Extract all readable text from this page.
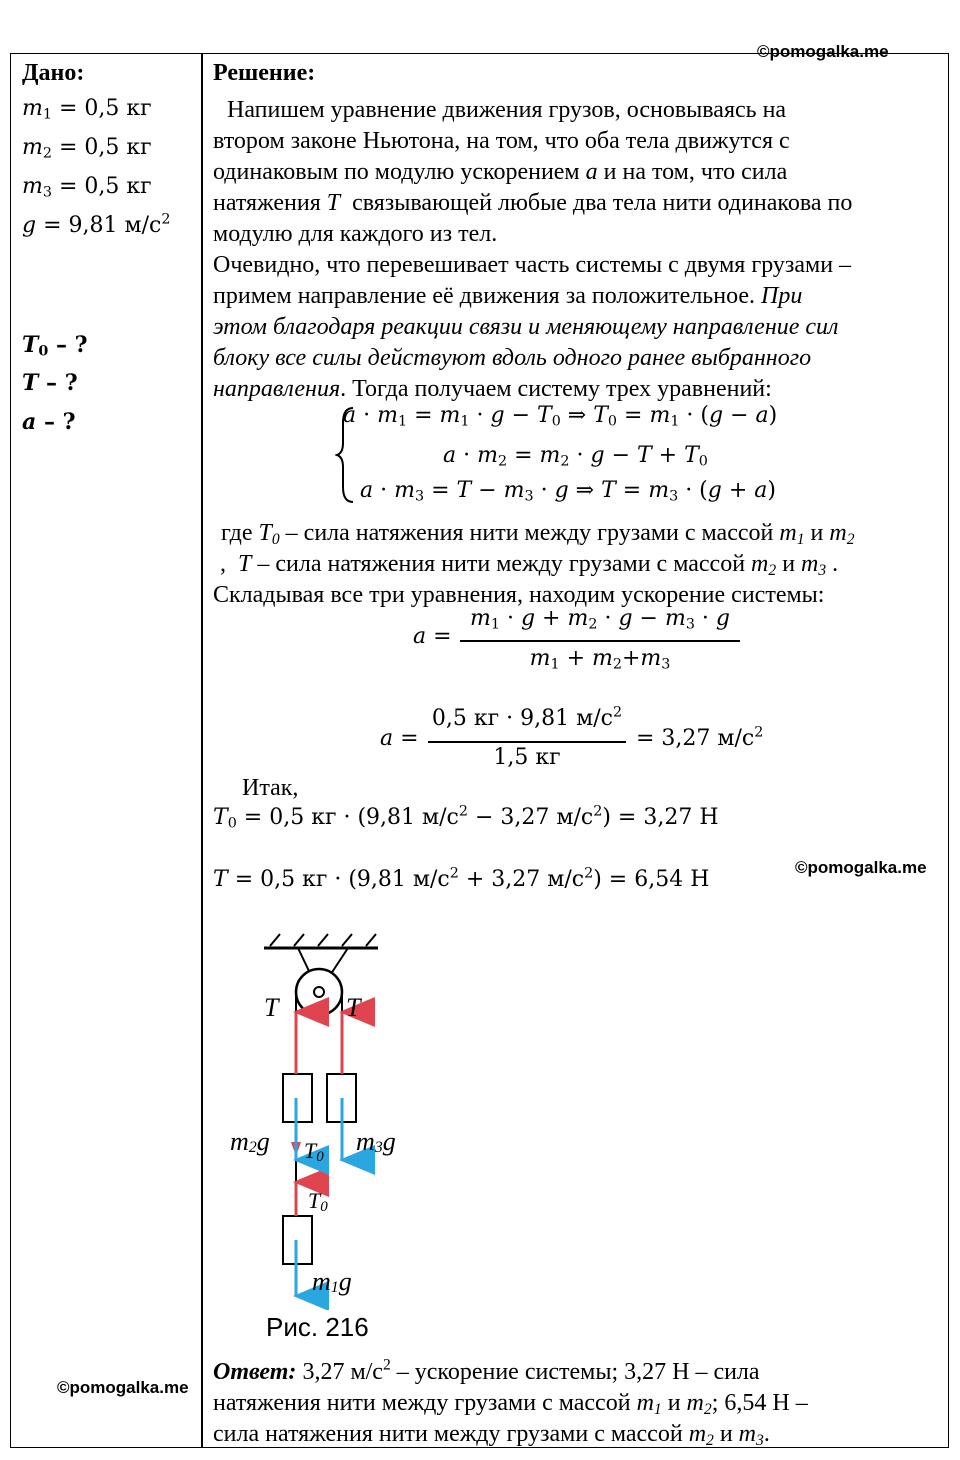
©pomogalka.me
©pomogalka.me
©pomogalka.me
Дано:
$m_1 = 0,5$ кг
$m_2 = 0,5$ кг
$m_3 = 0,5$ кг
g = 9,81 $м/с^2$
$T_0$ – ?
T – ?
a – ?
Решение:
Напишем уравнение движения грузов, основываясь на
втором законе Ньютона, на том, что оба тела движутся с
одинаковым по модулю ускорением a и на том, что сила
натяжения T связывающей любые два тела нити одинакова по
модулю для каждого из тел.
Очевидно, что перевешивает часть системы с двумя грузами –
примем направление её движения за положительное. При
этом благодаря реакции связи и меняющему направление сил
блоку все силы действуют вдоль одного ранее выбранного
направления. Тогда получаем систему трех уравнений:
$a \cdot m_1 = m_1 \cdot g - T_0$ ⇒ $T_0 = m_1 \cdot (g - a)$
$a \cdot m_2 = m_2 \cdot g - T + T_0$
$a \cdot m_3 = T - m_3 \cdot g$ ⇒ $T = m_3 \cdot (g + a)$
где $T_0$ – сила натяжения нити между грузами с массой $m_1$ и $m_2$
,  T – сила натяжения нити между грузами с массой $m_2$ и $m_3$ .
Складывая все три уравнения, находим ускорение системы:
a =
$m_1 \cdot g + m_2 \cdot g - m_3 \cdot g$
$m_1 + m_2+m_3$
a =
0,5 кг · 9,81 $м/с^2$
1,5 кг
= 3,27 $м/с^2$
Итак,
$T_0 = 0,5$ кг · (9,81 $м/с^2 - 3,27$ $м/с^2) = 3,27$ Н
T = 0,5 кг · (9,81 $м/с^2 + 3,27$ $м/с^2) = 6,54$ Н
T	T
m2g T0
m3g
T0
m1g
Рис. 216
Ответ: 3,27 $м/с^2$ – ускорение системы; 3,27 Н – сила
натяжения нити между грузами с массой $m_1$ и $m_2$; 6,54 Н –
сила натяжения нити между грузами с массой $m_2$ и $m_3$.
